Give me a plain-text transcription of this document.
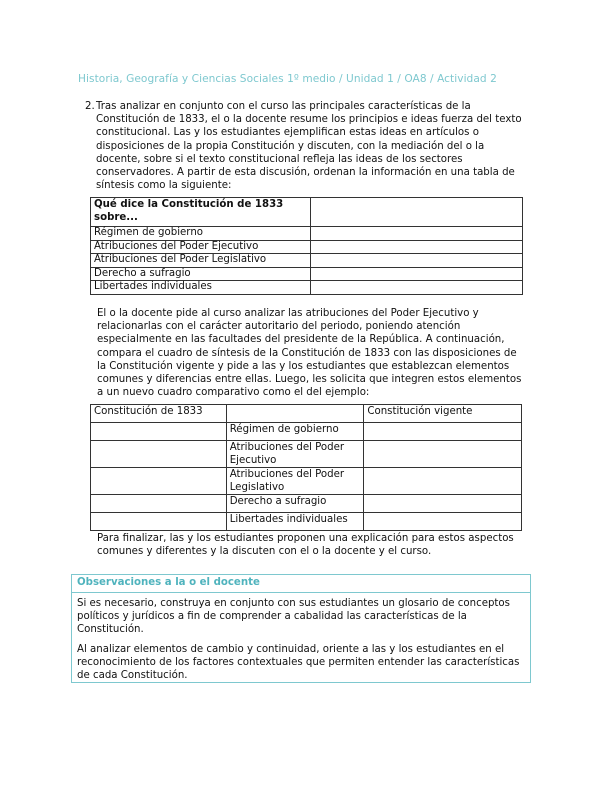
Historia, Geografía y Ciencias Sociales 1º medio / Unidad 1 / OA8 / Actividad 2
2. Tras analizar en conjunto con el curso las principales características de la Constitución de 1833, el o la docente resume los principios e ideas fuerza del texto constitucional. Las y los estudiantes ejemplifican estas ideas en artículos o disposiciones de la propia Constitución y discuten, con la mediación del o la docente, sobre si el texto constitucional refleja las ideas de los sectores conservadores. A partir de esta discusión, ordenan la información en una tabla de síntesis como la siguiente:

Qué dice la Constitución de 1833 sobre...	
Régimen de gobierno	
Atribuciones del Poder Ejecutivo	
Atribuciones del Poder Legislativo	
Derecho a sufragio	
Libertades individuales	

El o la docente pide al curso analizar las atribuciones del Poder Ejecutivo y relacionarlas con el carácter autoritario del periodo, poniendo atención especialmente en las facultades del presidente de la República. A continuación, compara el cuadro de síntesis de la Constitución de 1833 con las disposiciones de la Constitución vigente y pide a las y los estudiantes que establezcan elementos comunes y diferencias entre ellas. Luego, les solicita que integren estos elementos a un nuevo cuadro comparativo como el del ejemplo:

Constitución de 1833		Constitución vigente
	Régimen de gobierno	
	Atribuciones del Poder Ejecutivo	
	Atribuciones del Poder Legislativo	
	Derecho a sufragio	
	Libertades individuales	

Para finalizar, las y los estudiantes proponen una explicación para estos aspectos comunes y diferentes y la discuten con el o la docente y el curso.

Observaciones a la o el docente

Si es necesario, construya en conjunto con sus estudiantes un glosario de conceptos políticos y jurídicos a fin de comprender a cabalidad las características de la Constitución.

Al analizar elementos de cambio y continuidad, oriente a las y los estudiantes en el reconocimiento de los factores contextuales que permiten entender las características de cada Constitución.
